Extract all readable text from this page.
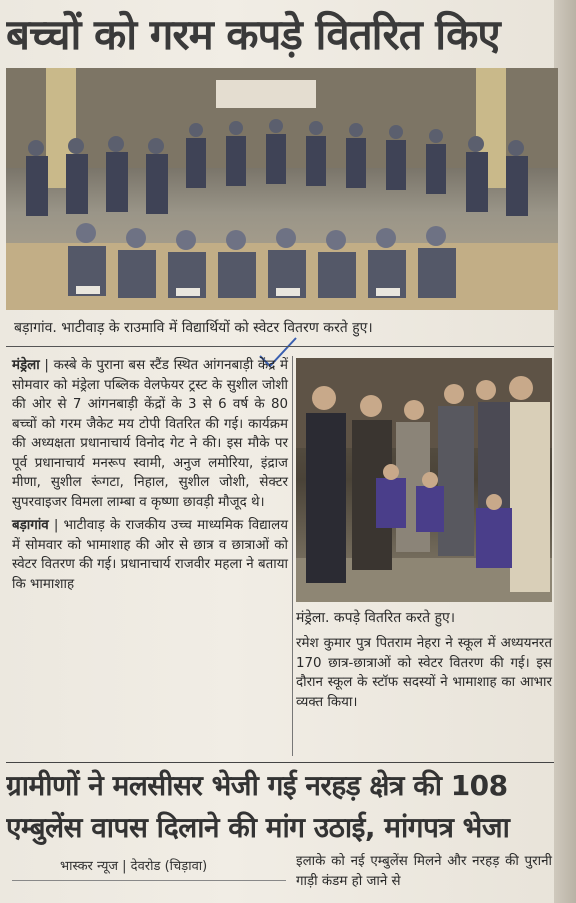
बच्चों को गरम कपड़े वितरित किए
बड़ागांव. भाटीवाड़ के राउमावि में विद्यार्थियों को स्वेटर वितरण करते हुए।

मंड्रेला | कस्बे के पुराना बस स्टैंड स्थित आंगनबाड़ी केंद्र में सोमवार को मंड्रेला पब्लिक वेलफेयर ट्रस्ट के सुशील जोशी की ओर से 7 आंगनबाड़ी केंद्रों के 3 से 6 वर्ष के 80 बच्चों को गरम जैकेट मय टोपी वितरित की गई। कार्यक्रम की अध्यक्षता प्रधानाचार्य विनोद गेट ने की। इस मौके पर पूर्व प्रधानाचार्य मनरूप स्वामी, अनुज लमोरिया, इंद्राज मीणा, सुशील रूंगटा, निहाल, सुशील जोशी, सेक्टर सुपरवाइजर विमला लाम्बा व कृष्णा छावड़ी मौजूद थे।

बड़ागांव | भाटीवाड़ के राजकीय उच्च माध्यमिक विद्यालय में सोमवार को भामाशाह की ओर से छात्र व छात्राओं को स्वेटर वितरण की गई। प्रधानाचार्य राजवीर महला ने बताया कि भामाशाह

मंड्रेला. कपड़े वितरित करते हुए।
रमेश कुमार पुत्र पितराम नेहरा ने स्कूल में अध्ययनरत 170 छात्र-छात्राओं को स्वेटर वितरण की गई। इस दौरान स्कूल के स्टॉफ सदस्यों ने भामाशाह का आभार व्यक्त किया।
ग्रामीणों ने मलसीसर भेजी गई नरहड़ क्षेत्र की 108
एम्बुलेंस वापस दिलाने की मांग उठाई, मांगपत्र भेजा
भास्कर न्यूज | देवरोड (चिड़ावा)	इलाके को नई एम्बुलेंस मिलने और नरहड़ की पुरानी गाड़ी कंडम हो जाने से
